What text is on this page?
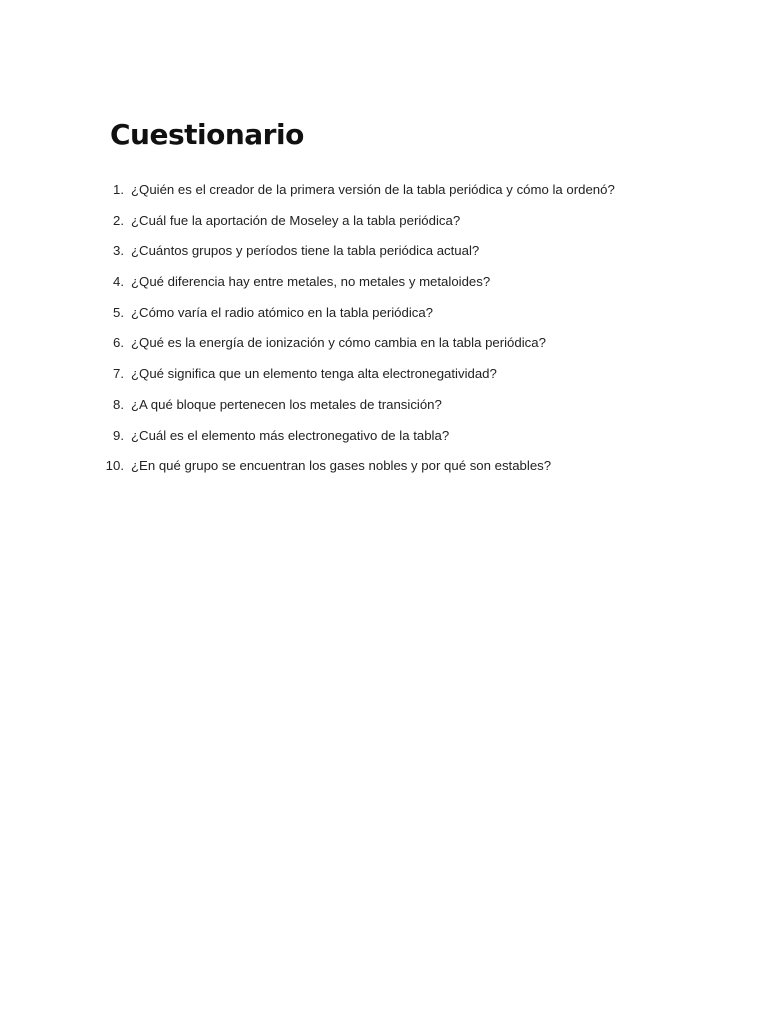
Cuestionario
1. ¿Quién es el creador de la primera versión de la tabla periódica y cómo la ordenó?
2. ¿Cuál fue la aportación de Moseley a la tabla periódica?
3. ¿Cuántos grupos y períodos tiene la tabla periódica actual?
4. ¿Qué diferencia hay entre metales, no metales y metaloides?
5. ¿Cómo varía el radio atómico en la tabla periódica?
6. ¿Qué es la energía de ionización y cómo cambia en la tabla periódica?
7. ¿Qué significa que un elemento tenga alta electronegatividad?
8. ¿A qué bloque pertenecen los metales de transición?
9. ¿Cuál es el elemento más electronegativo de la tabla?
10. ¿En qué grupo se encuentran los gases nobles y por qué son estables?
